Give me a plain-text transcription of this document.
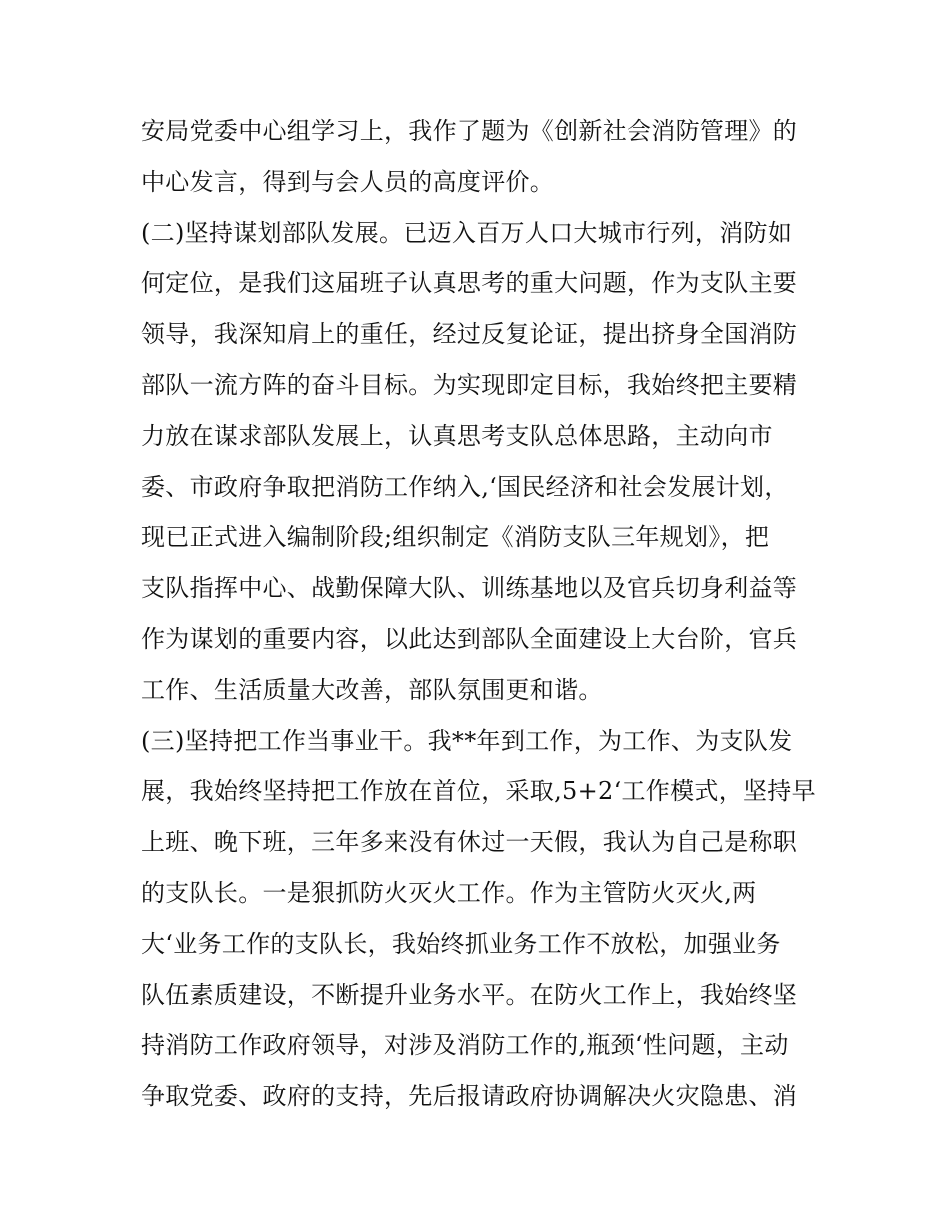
安局党委中心组学习上，我作了题为《创新社会消防管理》的
中心发言，得到与会人员的高度评价。
(二)坚持谋划部队发展。已迈入百万人口大城市行列，消防如
何定位，是我们这届班子认真思考的重大问题，作为支队主要
领导，我深知肩上的重任，经过反复论证，提出挤身全国消防
部队一流方阵的奋斗目标。为实现即定目标，我始终把主要精
力放在谋求部队发展上，认真思考支队总体思路，主动向市
委、市政府争取把消防工作纳入,‘国民经济和社会发展计划，
现已正式进入编制阶段;组织制定《消防支队三年规划》，把
支队指挥中心、战勤保障大队、训练基地以及官兵切身利益等
作为谋划的重要内容，以此达到部队全面建设上大台阶，官兵
工作、生活质量大改善，部队氛围更和谐。
(三)坚持把工作当事业干。我**年到工作，为工作、为支队发
展，我始终坚持把工作放在首位，采取,5+2‘工作模式，坚持早
上班、晚下班，三年多来没有休过一天假，我认为自己是称职
的支队长。一是狠抓防火灭火工作。作为主管防火灭火,两
大‘业务工作的支队长，我始终抓业务工作不放松，加强业务
队伍素质建设，不断提升业务水平。在防火工作上，我始终坚
持消防工作政府领导，对涉及消防工作的,瓶颈‘性问题，主动
争取党委、政府的支持，先后报请政府协调解决火灾隐患、消
